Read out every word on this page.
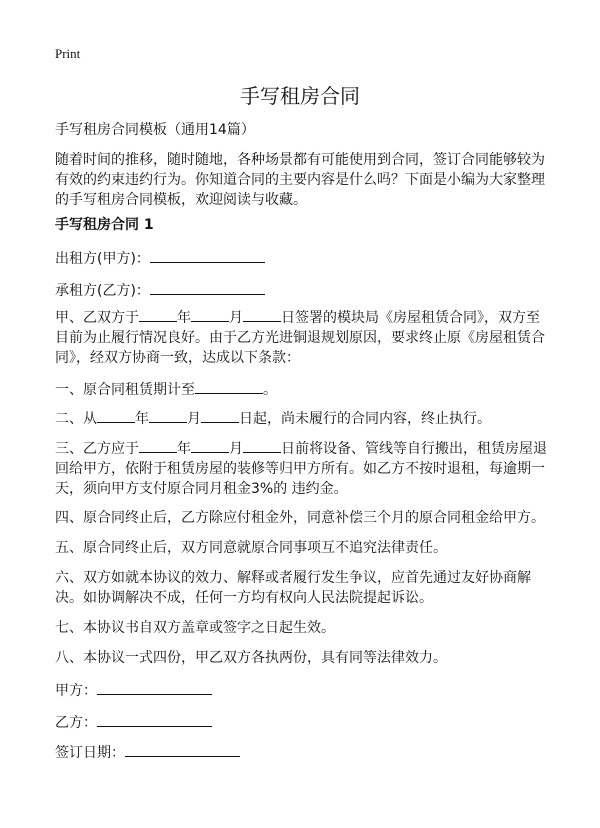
Print
手写租房合同
手写租房合同模板（通用14篇）
随着时间的推移，随时随地，各种场景都有可能使用到合同，签订合同能够较为有效的约束违约行为。你知道合同的主要内容是什么吗？下面是小编为大家整理的手写租房合同模板，欢迎阅读与收藏。
手写租房合同 1
出租方(甲方)：
承租方(乙方)：
甲、乙双方于	年	月	日签署的模块局《房屋租赁合同》，双方至目前为止履行情况良好。由于乙方光进铜退规划原因，要求终止原《房屋租赁合同》，经双方协商一致，达成以下条款：
一、原合同租赁期计至	。
二、从	年	月	日起，尚未履行的合同内容，终止执行。
三、乙方应于	年	月	日前将设备、管线等自行搬出，租赁房屋退回给甲方，依附于租赁房屋的装修等归甲方所有。如乙方不按时退租，每逾期一天，须向甲方支付原合同月租金3%的 违约金。
四、原合同终止后，乙方除应付租金外，同意补偿三个月的原合同租金给甲方。
五、原合同终止后，双方同意就原合同事项互不追究法律责任。
六、双方如就本协议的效力、解释或者履行发生争议，应首先通过友好协商解决。如协调解决不成，任何一方均有权向人民法院提起诉讼。
七、本协议书自双方盖章或签字之日起生效。
八、本协议一式四份，甲乙双方各执两份，具有同等法律效力。
甲方：
乙方：
签订日期：
